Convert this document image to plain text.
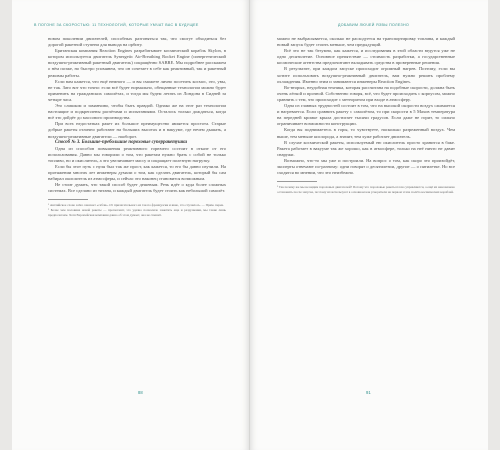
В ПОГОНЕ ЗА СКОРОСТЬЮ: 11 ТЕХНОЛОГИЙ, КОТОРЫЕ УМЧАТ ВАС В БУДУЩЕЕ

новом поколении двигателей, способных разгоняться так, что смогут обходиться без дорогой ракетной ступени для вывода на орбиту.

Британская компания Reaction Engines разрабатывает космический корабль Skylon, в котором используется двигатель Synergetic Air-Breathing Rocket Engine (синергетический воздушно-реактивный ракетный двигатель) сокращённо SABRE. Мы подробнее расскажем о нём позже, но быстро упомянем, что он сочетает в себе как реактивный, так и ракетный режимы работы.

Если вам кажется, что ещё немного — и вы сможете лично посетить космос, это, увы, не так. Зато вот что точно: если всё будет нормально, обещанные технологии можно будет применить на гражданских самолётах, и тогда мы будем летать из Лондона в Сидней за четыре часа.

Это слишком и заманчиво, чтобы быть правдой. Однако же на этот раз технологии настоящие и подкреплены расчётами и испытаниями. Осталось только дождаться, когда всё это дойдёт до массового производства.

При всех недостатках ракет их большое преимущество является простота. Старые добрые ракеты отлично работают на больших высотах и в вакууме, где нечем дышать, а воздушно-реактивные двигатели — наоборот.

Способ № 3. Большие-пребольшие пороховые суперракетушки

Одна из способов повышения реактивного горючего состоит в отказе от его использования. Давно мы говорили о том, что ракетам нужно брать с собой не только топливо, но и окислитель, а это увеличивает массу и сокращает полезную нагрузку.

Если бы этот путь с нуля был так же прост, как кажется, то его бы давно изучили. На протяжении многих лет инженеры думали о том, как сделать двигатель, который бы сам набирал окислитель из атмосферы, и сейчас это наконец становится возможным.

Не стоит думать, что такой способ будет дешевым. Речь идёт о куда более сложных системах. Все сделано из титана, и каждый двигатель будет стоить как небольшой самолёт.

¹ Английское слово sabre означает «сабля». От прилагательного из так по французски и явно, что случилось. — Прим. перев.

² Более чем половина новой ракеты — пропеллент, это удачно позволило заметить еще и разрушения, мы такие лишь предполагаем. Хотя Европейская компания давно об этом думает, она не спешит.

88
ДОБАВИМ ЛЮЧЕЙ ЯЗВЫ ПОЛЕЗНО

можно не выбрасывается, сколько не расходуется на транспортировку топлива, и каждый новый запуск будет стоить меньше, чем предыдущий.

Всё это не так безумно, как кажется, и исследования в этой области ведутся уже не одно десятилетие. Основное препятствие — стоимость разработки, а государственные космические агентства предпочитают вкладывать средства в проверенные решения.

В результате, при каждом запуске происходит огромный нагрев. Поэтому, если вы хотите использовать воздушно-реактивный двигатель, вам нужно решить проблему охлаждения. Именно этим и занимаются инженеры Reaction Engines.

Во-вторых, неудобная техника, которая рассчитана на подобные скорости, должна быть очень лёгкой и прочной. Собственно говоря, всё, что будет происходить с корпусом, можно сравнить с тем, что происходит с метеоритом при входе в атмосферу.

Одна из главных трудностей состоит в том, что на высокой скорости воздух сжимается и нагревается. Если сравнить ракету с самолётом, то при скорости в 5 Махов температура на передней кромке крыла достигает тысячи градусов. Если даже не горит, то сильно ограничивает возможности конструкции.

Когда вы поднимаетесь в горы, то чувствуете, насколько разреженный воздух. Чем выше, тем меньше кислорода, а значит, тем хуже работает двигатель.

В случае космической ракеты, используемый ею окислитель просто хранится в баке. Ракета работает в вакууме так же хорошо, как в атмосфере, только на неё ничто не давит снаружи.

Возможно, что-то мы уже и построили. На вопрос о том, как скоро это произойдёт, эксперты отвечают по-разному: одни говорят о десятилетии, другие — о пятилетке. Но все сходятся во мнении, что это неизбежно.

¹ Так почему же мы не видим пороховых двигателей? Потому что пороховые ракеты плохо управляются, а ещё их невозможно остановить после запуска, поэтому их используют в основном как ускорители на первом этапе полёта космических кораблей.

91
